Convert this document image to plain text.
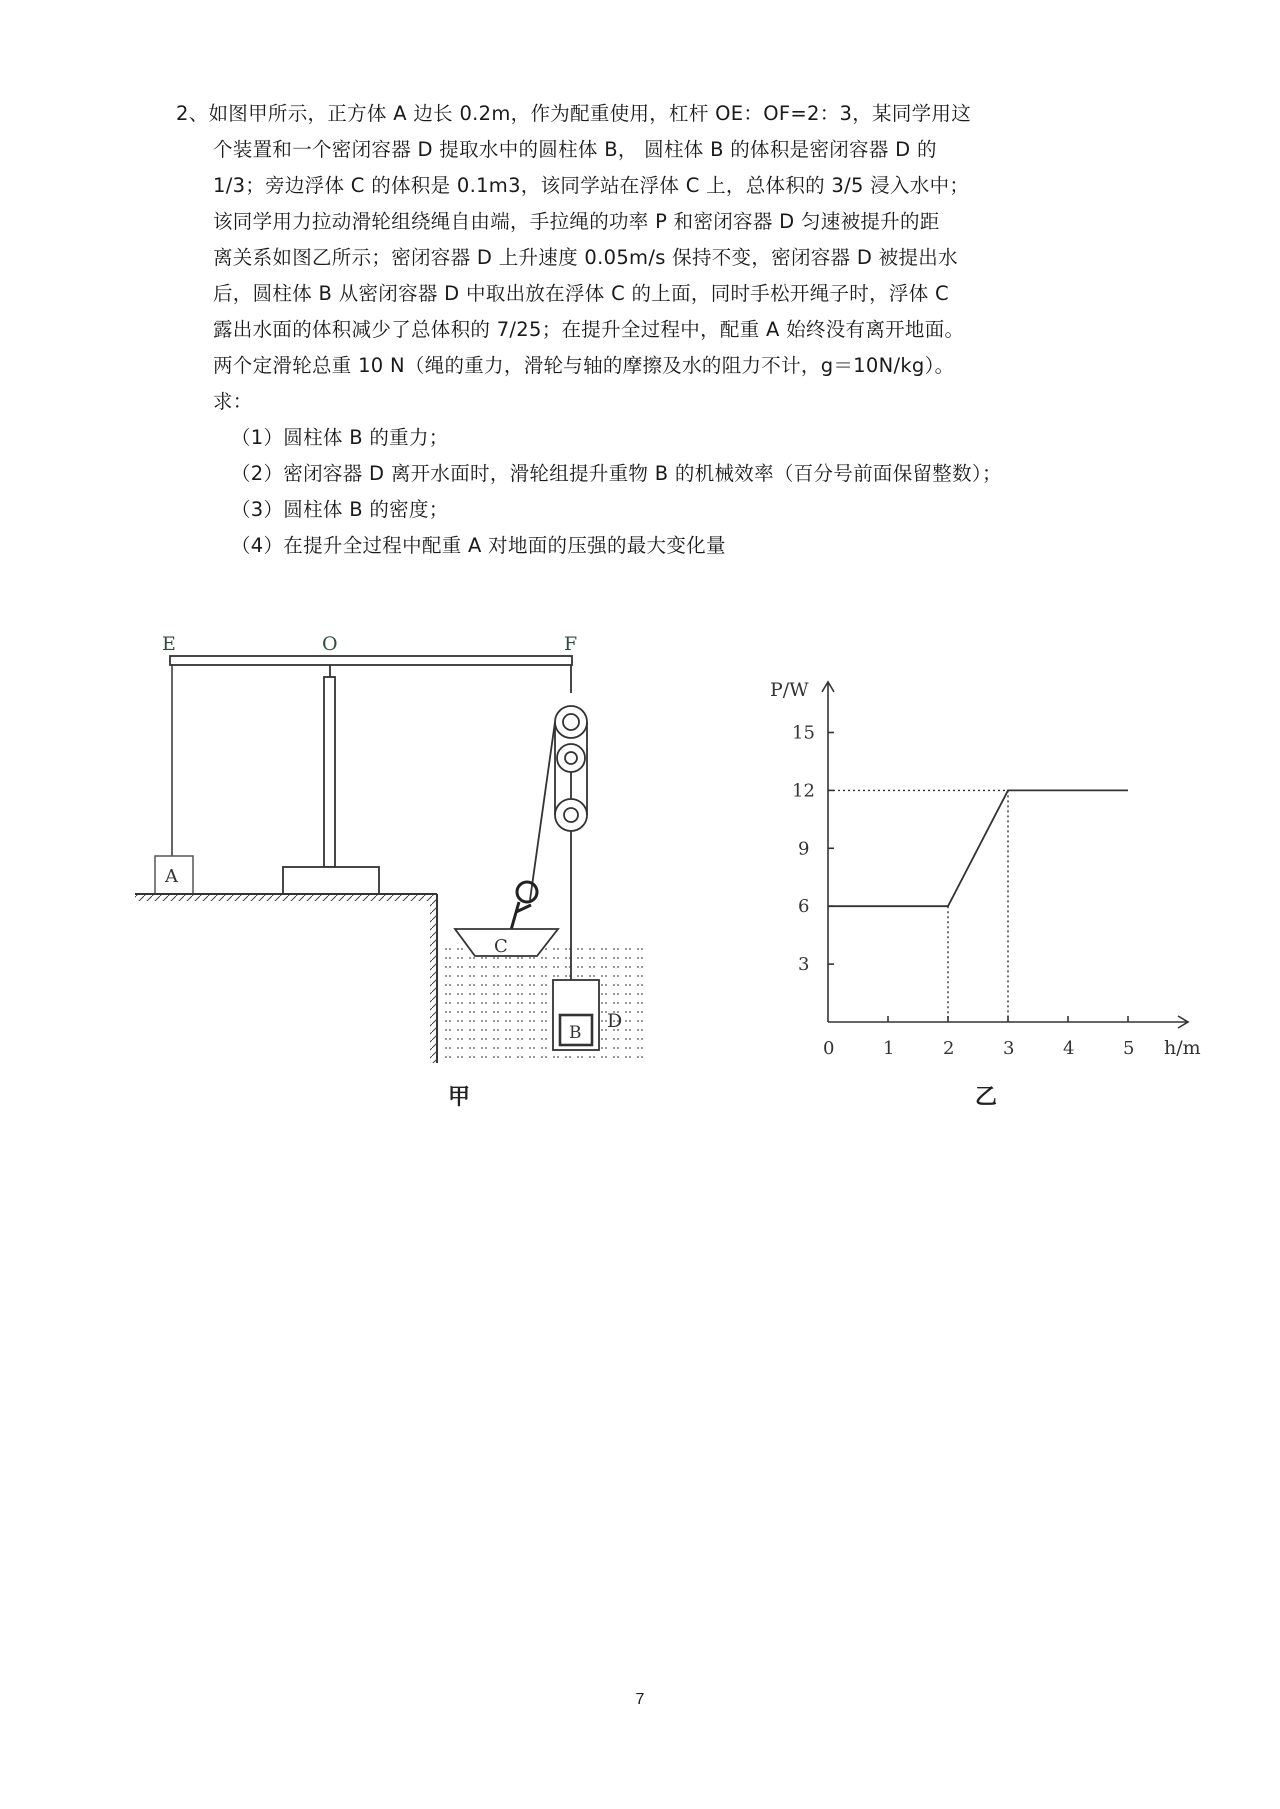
2、如图甲所示，正方体 A 边长 0.2m，作为配重使用，杠杆 OE：OF=2：3，某同学用这
个装置和一个密闭容器 D 提取水中的圆柱体 B， 圆柱体 B 的体积是密闭容器 D 的
1/3；旁边浮体 C 的体积是 0.1m3，该同学站在浮体 C 上，总体积的 3/5 浸入水中；
该同学用力拉动滑轮组绕绳自由端，手拉绳的功率 P 和密闭容器 D 匀速被提升的距
离关系如图乙所示；密闭容器 D 上升速度 0.05m/s 保持不变，密闭容器 D 被提出水
后，圆柱体 B 从密闭容器 D 中取出放在浮体 C 的上面，同时手松开绳子时，浮体 C
露出水面的体积减少了总体积的 7/25；在提升全过程中，配重 A 始终没有离开地面。
两个定滑轮总重 10 N（绳的重力，滑轮与轴的摩擦及水的阻力不计，g＝10N/kg）。
求：
（1）圆柱体 B 的重力；
（2）密闭容器 D 离开水面时，滑轮组提升重物 B 的机械效率（百分号前面保留整数）；
（3）圆柱体 B 的密度；
（4）在提升全过程中配重 A 对地面的压强的最大变化量
E	O	F
A
C
B
D
甲
0	1	2	3	4	5
3
6
9
12
15
P/W
h/m
乙
7
